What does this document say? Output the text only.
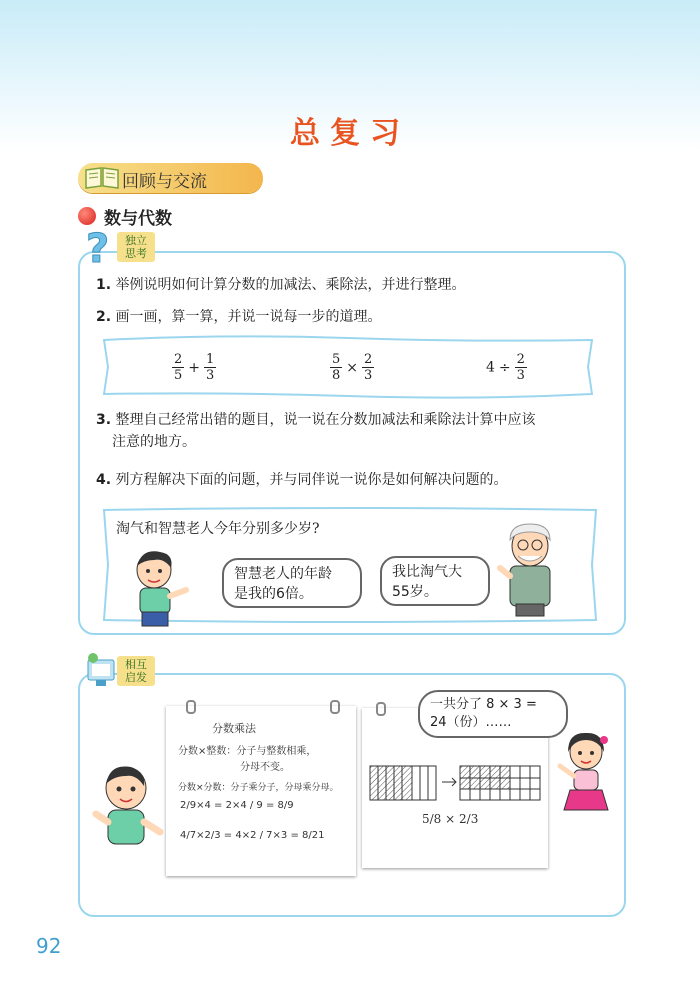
总复习
回顾与交流
数与代数
?	独立
思考
1. 举例说明如何计算分数的加减法、乘除法，并进行整理。
2. 画一画，算一算，并说一说每一步的道理。
$\frac{2}{5} + \frac{1}{3}$	$\frac{5}{8} \times \frac{2}{3}$	$4 \div \frac{2}{3}$
3. 整理自己经常出错的题目，说一说在分数加减法和乘除法计算中应该
注意的地方。
4. 列方程解决下面的问题，并与同伴说一说你是如何解决问题的。
淘气和智慧老人今年分别多少岁?
智慧老人的年龄
是我的6倍。
我比淘气大
55岁。
相互
启发
分数乘法
分数×整数：分子与整数相乘，
分母不变。
分数×分数：分子乘分子，分母乘分母。
2/9×4 = 2×4 / 9 = 8/9
4/7×2/3 = 4×2 / 7×3 = 8/21
5/8 × 2/3
一共分了 8 × 3 =
24（份）……
92
